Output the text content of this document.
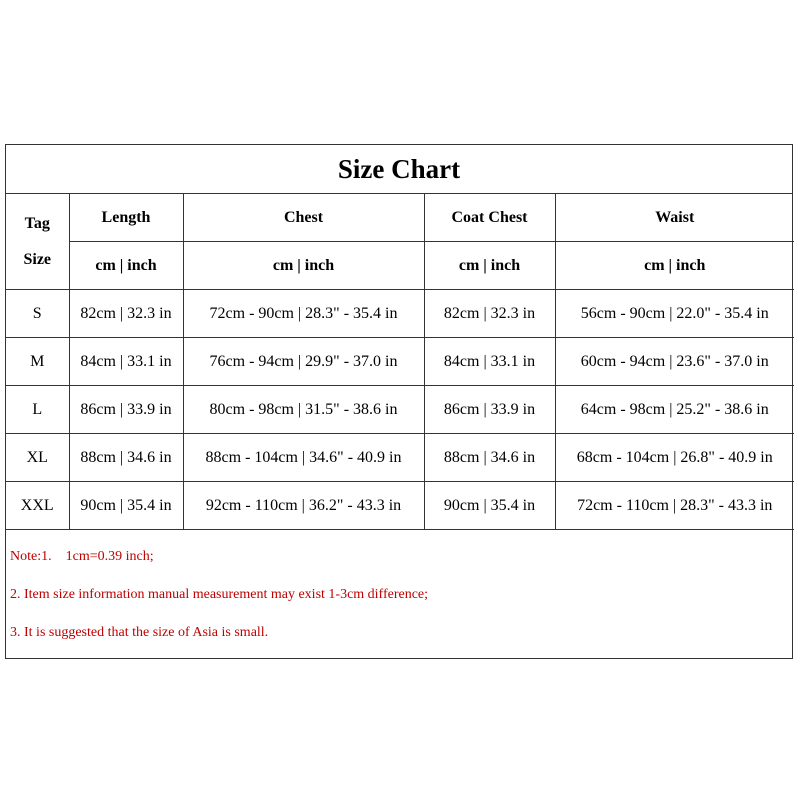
Size Chart
Tag
Size	Length	Chest	Coat Chest	Waist
	cm | inch	cm | inch	cm | inch	cm | inch
S	82cm | 32.3 in	72cm - 90cm | 28.3" - 35.4 in	82cm | 32.3 in	56cm - 90cm | 22.0" - 35.4 in
M	84cm | 33.1 in	76cm - 94cm | 29.9" - 37.0 in	84cm | 33.1 in	60cm - 94cm | 23.6" - 37.0 in
L	86cm | 33.9 in	80cm - 98cm | 31.5" - 38.6 in	86cm | 33.9 in	64cm - 98cm | 25.2" - 38.6 in
XL	88cm | 34.6 in	88cm - 104cm | 34.6" - 40.9 in	88cm | 34.6 in	68cm - 104cm | 26.8" - 40.9 in
XXL	90cm | 35.4 in	92cm - 110cm | 36.2" - 43.3 in	90cm | 35.4 in	72cm - 110cm | 28.3" - 43.3 in
Note:1.    1cm=0.39 inch;
2. Item size information manual measurement may exist 1-3cm difference;
3. It is suggested that the size of Asia is small.
